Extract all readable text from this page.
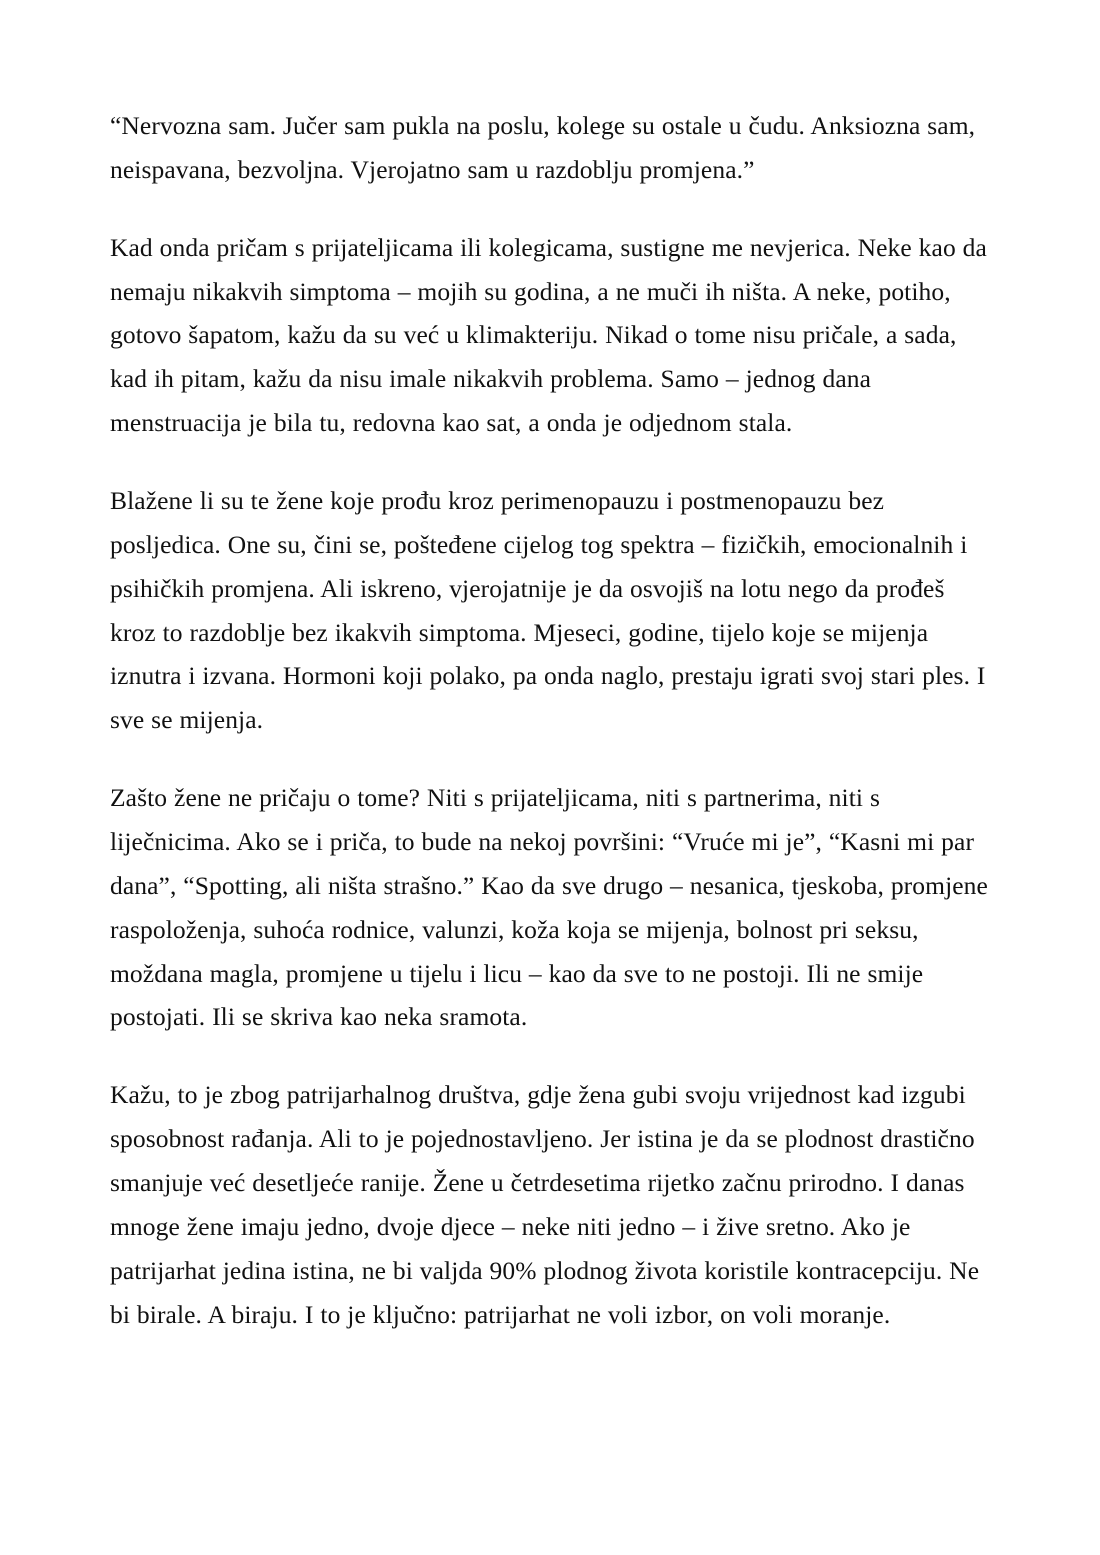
“Nervozna sam. Jučer sam pukla na poslu, kolege su ostale u čudu. Anksiozna sam, neispavana, bezvoljna. Vjerojatno sam u razdoblju promjena.”

Kad onda pričam s prijateljicama ili kolegicama, sustigne me nevjerica. Neke kao da nemaju nikakvih simptoma – mojih su godina, a ne muči ih ništa. A neke, potiho, gotovo šapatom, kažu da su već u klimakteriju. Nikad o tome nisu pričale, a sada, kad ih pitam, kažu da nisu imale nikakvih problema. Samo – jednog dana menstruacija je bila tu, redovna kao sat, a onda je odjednom stala.

Blažene li su te žene koje prođu kroz perimenopauzu i postmenopauzu bez posljedica. One su, čini se, pošteđene cijelog tog spektra – fizičkih, emocionalnih i psihičkih promjena. Ali iskreno, vjerojatnije je da osvojiš na lotu nego da prođeš kroz to razdoblje bez ikakvih simptoma. Mjeseci, godine, tijelo koje se mijenja iznutra i izvana. Hormoni koji polako, pa onda naglo, prestaju igrati svoj stari ples. I sve se mijenja.

Zašto žene ne pričaju o tome? Niti s prijateljicama, niti s partnerima, niti s liječnicima. Ako se i priča, to bude na nekoj površini: “Vruće mi je”, “Kasni mi par dana”, “Spotting, ali ništa strašno.” Kao da sve drugo – nesanica, tjeskoba, promjene raspoloženja, suhoća rodnice, valunzi, koža koja se mijenja, bolnost pri seksu, moždana magla, promjene u tijelu i licu – kao da sve to ne postoji. Ili ne smije postojati. Ili se skriva kao neka sramota.

Kažu, to je zbog patrijarhalnog društva, gdje žena gubi svoju vrijednost kad izgubi sposobnost rađanja. Ali to je pojednostavljeno. Jer istina je da se plodnost drastično smanjuje već desetljeće ranije. Žene u četrdesetima rijetko začnu prirodno. I danas mnoge žene imaju jedno, dvoje djece – neke niti jedno – i žive sretno. Ako je patrijarhat jedina istina, ne bi valjda 90% plodnog života koristile kontracepciju. Ne bi birale. A biraju. I to je ključno: patrijarhat ne voli izbor, on voli moranje.
